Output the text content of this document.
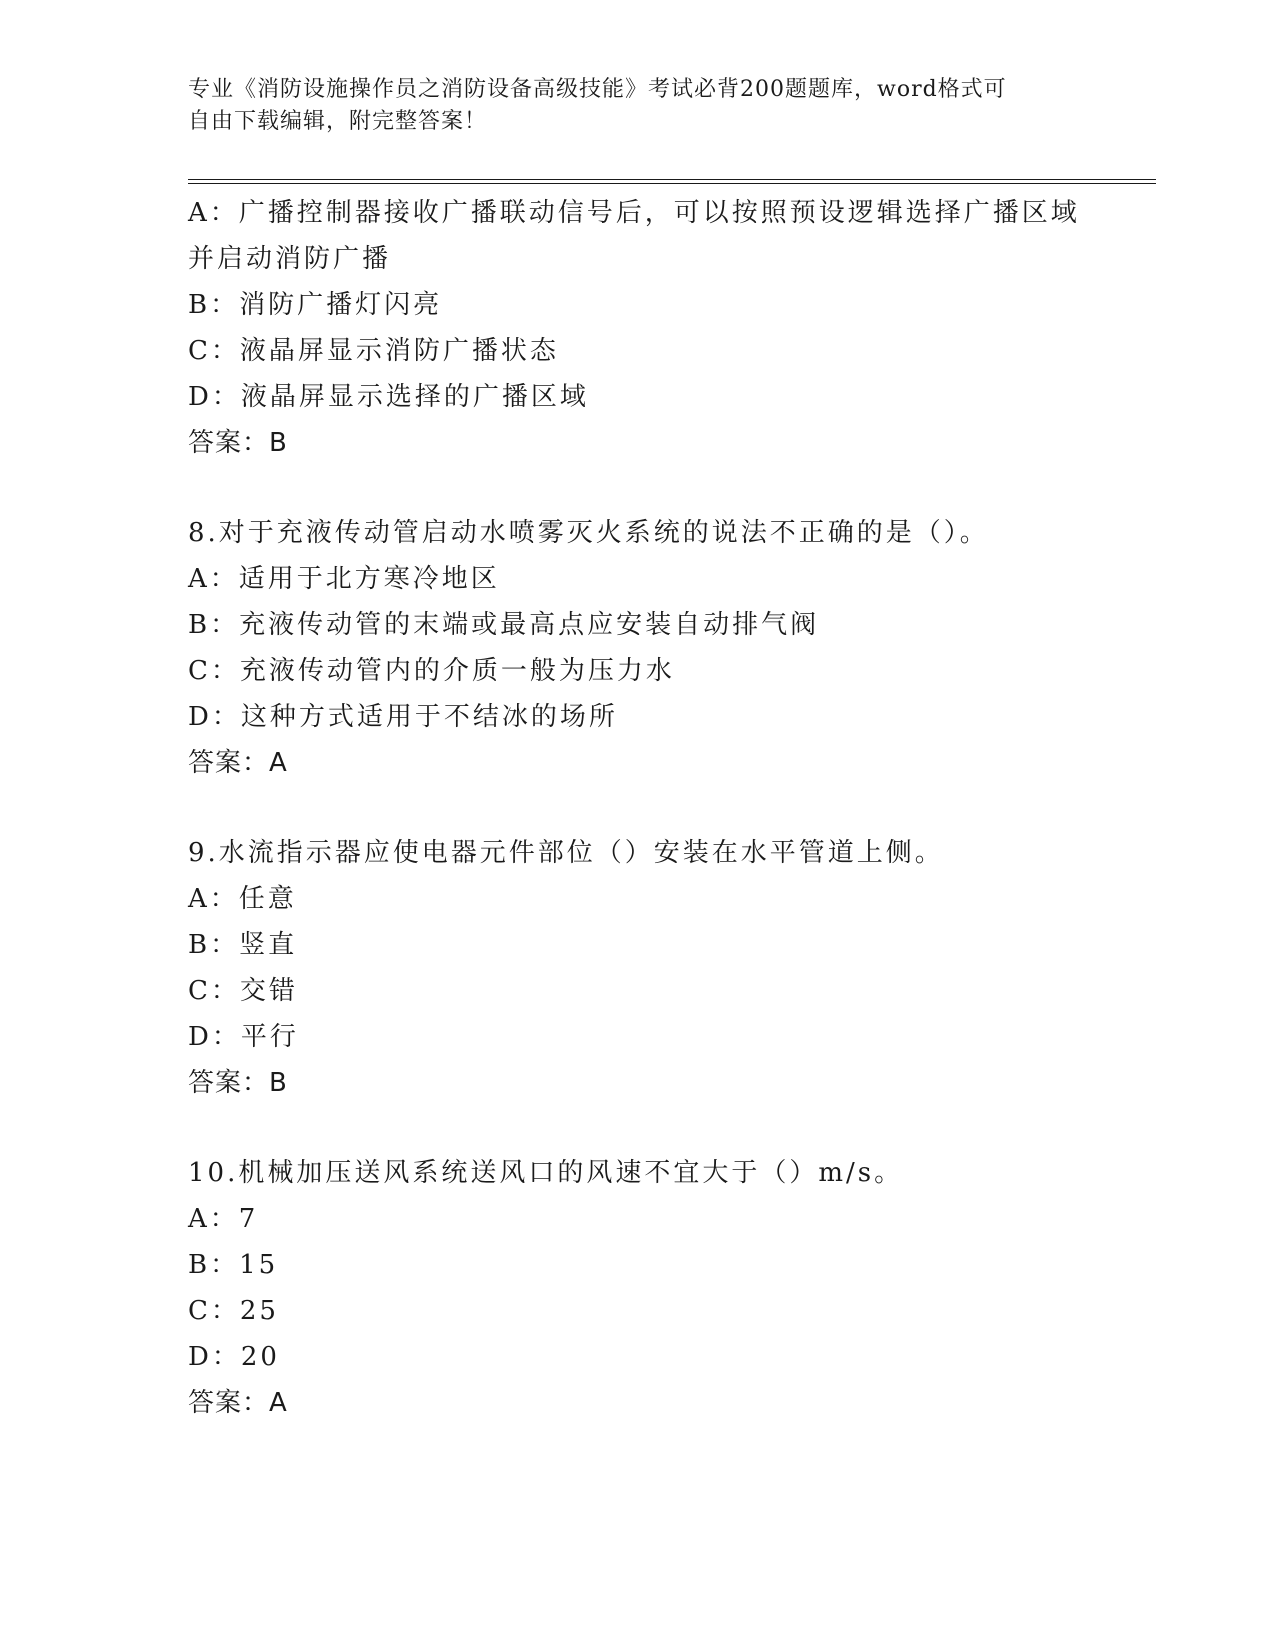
专业《消防设施操作员之消防设备高级技能》考试必背200题题库，word格式可
自由下载编辑，附完整答案！
A：广播控制器接收广播联动信号后，可以按照预设逻辑选择广播区域
并启动消防广播
B：消防广播灯闪亮
C：液晶屏显示消防广播状态
D：液晶屏显示选择的广播区域
答案：B
8.对于充液传动管启动水喷雾灭火系统的说法不正确的是（）。
A：适用于北方寒冷地区
B：充液传动管的末端或最高点应安装自动排气阀
C：充液传动管内的介质一般为压力水
D：这种方式适用于不结冰的场所
答案：A
9.水流指示器应使电器元件部位（）安装在水平管道上侧。
A：任意
B：竖直
C：交错
D：平行
答案：B
10.机械加压送风系统送风口的风速不宜大于（）m/s。
A：7
B：15
C：25
D：20
答案：A
